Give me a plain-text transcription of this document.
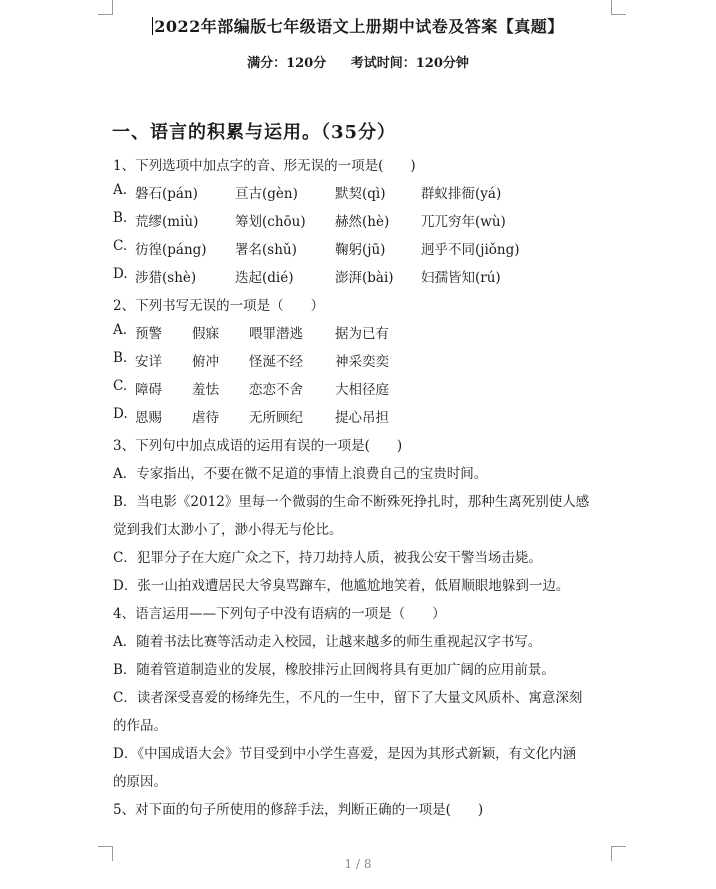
2022年部编版七年级语文上册期中试卷及答案【真题】
满分：120分 考试时间：120分钟
一、语言的积累与运用。（35分）
1、下列选项中加点字的音、形无误的一项是(　　)
A. 磐石(pán)	亘古(gèn)	默契(qì)	群蚁排衙(yá)
B. 荒缪(miù)	筹划(chōu) 赫然(hè) 兀兀穷年(wù)
C. 彷徨(páng) 署名(shǔ)	鞠躬(jū)	迥乎不同(jiǒng)
D. 涉猎(shè)	迭起(dié)	澎湃(bài) 妇孺皆知(rú)
2、下列书写无误的一项是（　　）
A. 预警 假寐 喂罪潜逃 据为已有
B. 安详 俯冲 怪涎不经 神采奕奕
C. 障碍 羞怯 恋恋不舍 大相径庭
D. 恩赐 虐待 无所顾纪 提心吊担
3、下列句中加点成语的运用有误的一项是(　　)
A．专家指出，不要在微不足道的事情上浪费自己的宝贵时间。
B．当电影《2012》里每一个微弱的生命不断殊死挣扎时，那种生离死别使人感
觉到我们太渺小了，渺小得无与伦比。
C．犯罪分子在大庭广众之下，持刀劫持人质，被我公安干警当场击毙。
D．张一山拍戏遭居民大爷臭骂蹿车，他尴尬地笑着，低眉顺眼地躲到一边。
4、语言运用——下列句子中没有语病的一项是（　　）
A．随着书法比赛等活动走入校园，让越来越多的师生重视起汉字书写。
B．随着管道制造业的发展，橡胶排污止回阀将具有更加广阔的应用前景。
C．读者深受喜爱的杨绛先生，不凡的一生中，留下了大量文风质朴、寓意深刻
的作品。
D．《中国成语大会》节目受到中小学生喜爱，是因为其形式新颖，有文化内涵
的原因。
5、对下面的句子所使用的修辞手法，判断正确的一项是(　　)
1 / 8
